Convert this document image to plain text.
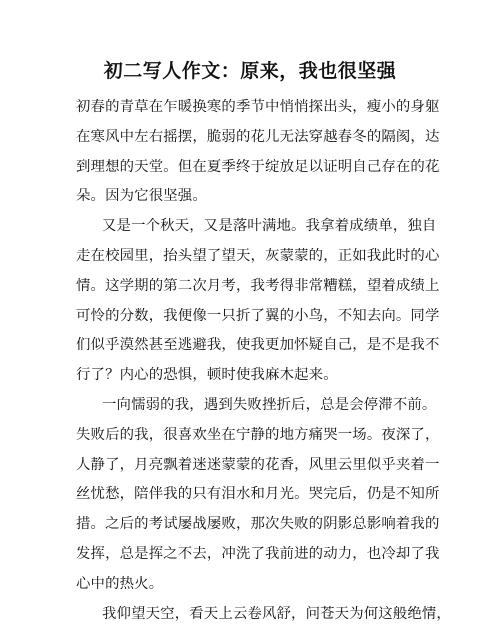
初二写人作文：原来，我也很坚强
初春的青草在乍暖换寒的季节中悄悄探出头，瘦小的身躯
在寒风中左右摇摆，脆弱的花儿无法穿越春冬的隔阂，达
到理想的天堂。但在夏季终于绽放足以证明自己存在的花
朵。因为它很坚强。
又是一个秋天，又是落叶满地。我拿着成绩单，独自
走在校园里，抬头望了望天，灰蒙蒙的，正如我此时的心
情。这学期的第二次月考，我考得非常糟糕，望着成绩上
可怜的分数，我便像一只折了翼的小鸟，不知去向。同学
们似乎漠然甚至逃避我，使我更加怀疑自己，是不是我不
行了？内心的恐惧，顿时使我麻木起来。
一向懦弱的我，遇到失败挫折后，总是会停滞不前。
失败后的我，很喜欢坐在宁静的地方痛哭一场。夜深了，
人静了，月亮飘着迷迷蒙蒙的花香，风里云里似乎夹着一
丝忧愁，陪伴我的只有泪水和月光。哭完后，仍是不知所
措。之后的考试屡战屡败，那次失败的阴影总影响着我的
发挥，总是挥之不去，冲洗了我前进的动力，也冷却了我
心中的热火。
我仰望天空，看天上云卷风舒，问苍天为何这般绝情，
